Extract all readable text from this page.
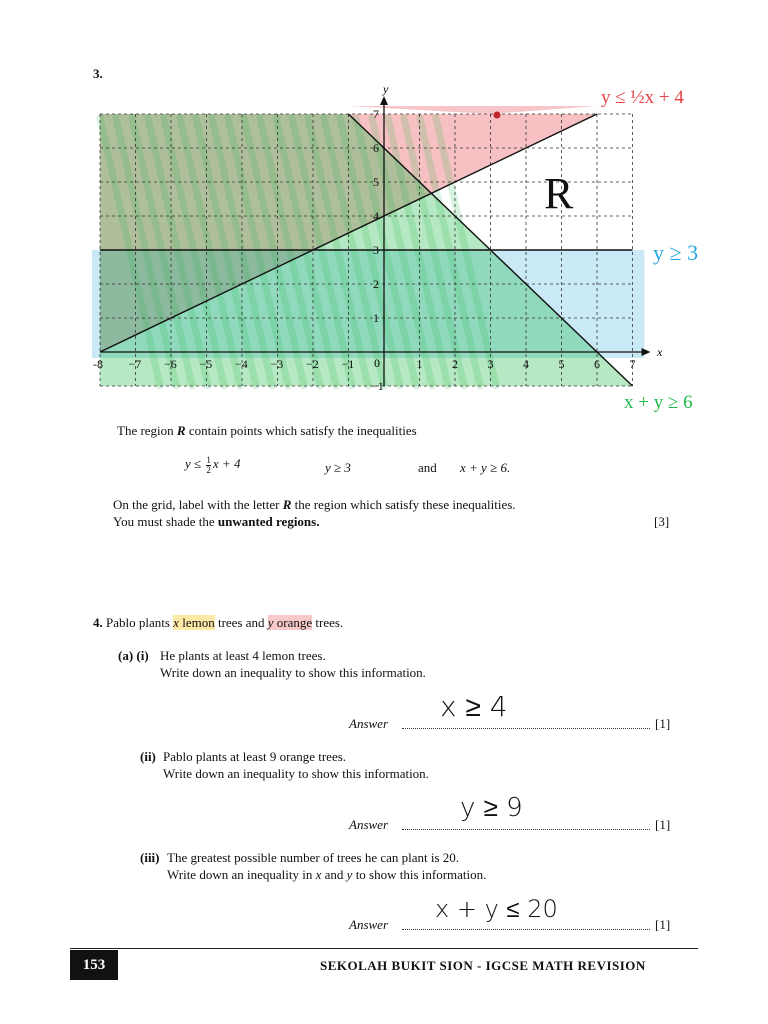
3.
-8 −7 −6 −5 −4 −3 −2 −1	1 2 3 4 5 6 7
7
6
5
4
3
2
1
−1
x
y
0
R
y ≤ ½x + 4
y ≥ 3
x + y ≥ 6
The region R contain points which satisfy the inequalities
$y \le \frac{1}{2}$ x + 4	y ≥ 3	and x + y ≥ 6.
On the grid, label with the letter R the region which satisfy these inequalities.
You must shade the unwanted regions.	[3]
4. Pablo plants x lemon trees and y orange trees.
(a) (i) He plants at least 4 lemon trees.
Write down an inequality to show this information.
Answer
x ≥ 4
[1]
(ii) Pablo plants at least 9 orange trees.
Write down an inequality to show this information.
Answer
y ≥ 9
[1]
(iii) The greatest possible number of trees he can plant is 20.
Write down an inequality in x and y to show this information.
Answer
x + y ≤ 20
[1]
153	SEKOLAH BUKIT SION - IGCSE MATH REVISION
